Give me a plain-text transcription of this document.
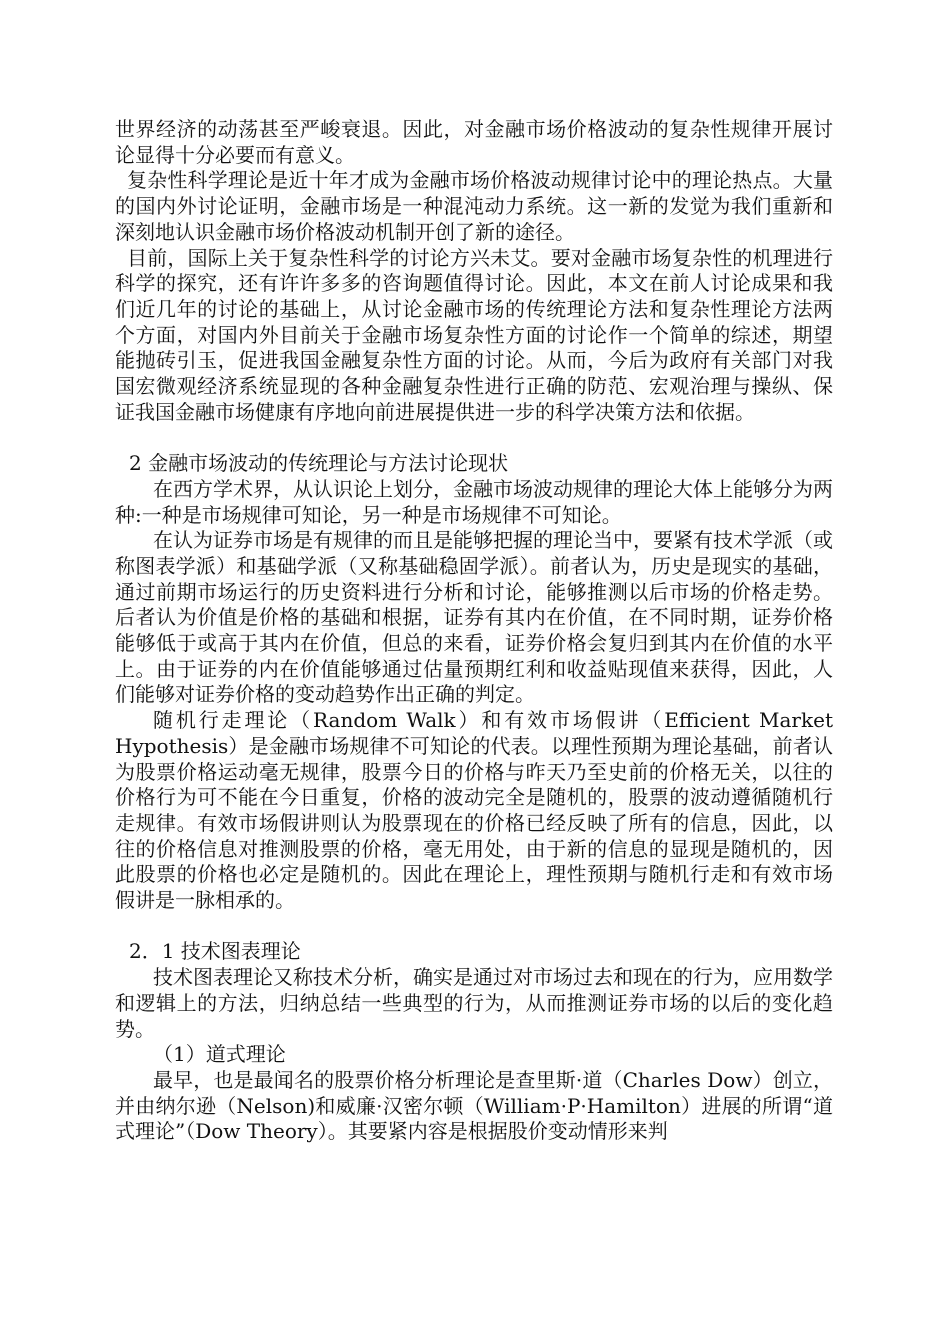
世界经济的动荡甚至严峻衰退。因此，对金融市场价格波动的复杂性规律开展讨论显得十分必要而有意义。

复杂性科学理论是近十年才成为金融市场价格波动规律讨论中的理论热点。大量的国内外讨论证明，金融市场是一种混沌动力系统。这一新的发觉为我们重新和深刻地认识金融市场价格波动机制开创了新的途径。

目前，国际上关于复杂性科学的讨论方兴未艾。要对金融市场复杂性的机理进行科学的探究，还有许许多多的咨询题值得讨论。因此，本文在前人讨论成果和我们近几年的讨论的基础上，从讨论金融市场的传统理论方法和复杂性理论方法两个方面，对国内外目前关于金融市场复杂性方面的讨论作一个简单的综述，期望能抛砖引玉，促进我国金融复杂性方面的讨论。从而，今后为政府有关部门对我国宏微观经济系统显现的各种金融复杂性进行正确的防范、宏观治理与操纵、保证我国金融市场健康有序地向前进展提供进一步的科学决策方法和依据。

2 金融市场波动的传统理论与方法讨论现状

在西方学术界，从认识论上划分，金融市场波动规律的理论大体上能够分为两种:一种是市场规律可知论，另一种是市场规律不可知论。

在认为证券市场是有规律的而且是能够把握的理论当中，要紧有技术学派（或称图表学派）和基础学派（又称基础稳固学派）。前者认为，历史是现实的基础，通过前期市场运行的历史资料进行分析和讨论，能够推测以后市场的价格走势。后者认为价值是价格的基础和根据，证券有其内在价值，在不同时期，证券价格能够低于或高于其内在价值，但总的来看，证券价格会复归到其内在价值的水平上。由于证券的内在价值能够通过估量预期红利和收益贴现值来获得，因此，人们能够对证券价格的变动趋势作出正确的判定。

随机行走理论（Random Walk）和有效市场假讲（Efficient Market Hypothesis）是金融市场规律不可知论的代表。以理性预期为理论基础，前者认为股票价格运动毫无规律，股票今日的价格与昨天乃至史前的价格无关，以往的价格行为可不能在今日重复，价格的波动完全是随机的，股票的波动遵循随机行走规律。有效市场假讲则认为股票现在的价格已经反映了所有的信息，因此，以往的价格信息对推测股票的价格，毫无用处，由于新的信息的显现是随机的，因此股票的价格也必定是随机的。因此在理论上，理性预期与随机行走和有效市场假讲是一脉相承的。

2．1 技术图表理论

技术图表理论又称技术分析，确实是通过对市场过去和现在的行为，应用数学和逻辑上的方法，归纳总结一些典型的行为，从而推测证券市场的以后的变化趋势。

（1）道式理论

最早，也是最闻名的股票价格分析理论是查里斯·道（Charles Dow）创立，并由纳尔逊（Nelson)和威廉·汉密尔顿（William·P·Hamilton）进展的所谓“道式理论”（Dow Theory）。其要紧内容是根据股价变动情形来判
